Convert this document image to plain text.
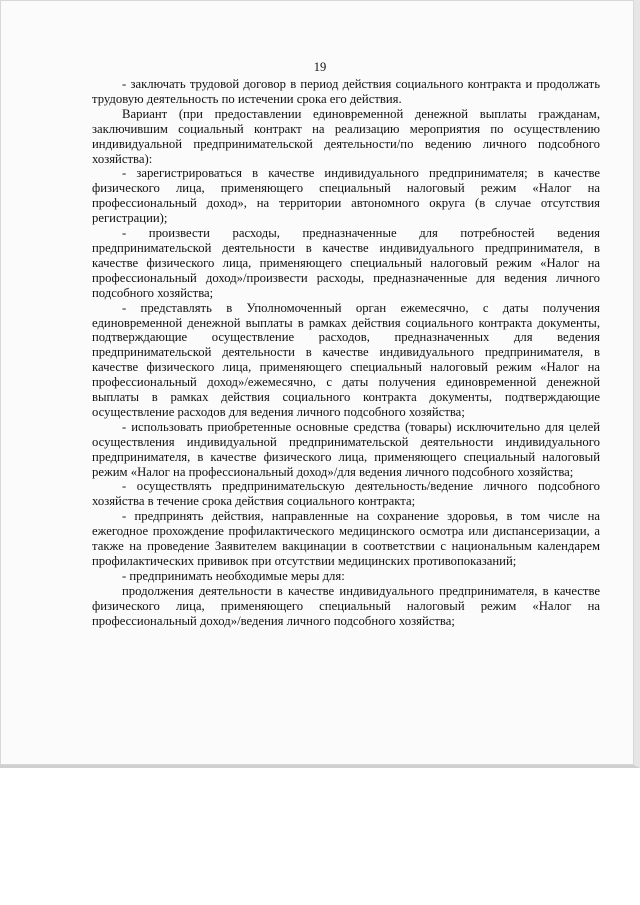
19

- заключать трудовой договор в период действия социального контракта и продолжать трудовую деятельность по истечении срока его действия.

Вариант (при предоставлении единовременной денежной выплаты гражданам, заключившим социальный контракт на реализацию мероприятия по осуществлению индивидуальной предпринимательской деятельности/по ведению личного подсобного хозяйства):

- зарегистрироваться в качестве индивидуального предпринимателя; в качестве физического лица, применяющего специальный налоговый режим «Налог на профессиональный доход», на территории автономного округа (в случае отсутствия регистрации);

- произвести расходы, предназначенные для потребностей ведения предпринимательской деятельности в качестве индивидуального предпринимателя, в качестве физического лица, применяющего специальный налоговый режим «Налог на профессиональный доход»/произвести расходы, предназначенные для ведения личного подсобного хозяйства;

- представлять в Уполномоченный орган ежемесячно, с даты получения единовременной денежной выплаты в рамках действия социального контракта документы, подтверждающие осуществление расходов, предназначенных для ведения предпринимательской деятельности в качестве индивидуального предпринимателя, в качестве физического лица, применяющего специальный налоговый режим «Налог на профессиональный доход»/ежемесячно, с даты получения единовременной денежной выплаты в рамках действия социального контракта документы, подтверждающие осуществление расходов для ведения личного подсобного хозяйства;

- использовать приобретенные основные средства (товары) исключительно для целей осуществления индивидуальной предпринимательской деятельности индивидуального предпринимателя, в качестве физического лица, применяющего специальный налоговый режим «Налог на профессиональный доход»/для ведения личного подсобного хозяйства;

- осуществлять предпринимательскую деятельность/ведение личного подсобного хозяйства в течение срока действия социального контракта;

- предпринять действия, направленные на сохранение здоровья, в том числе на ежегодное прохождение профилактического медицинского осмотра или диспансеризации, а также на проведение Заявителем вакцинации в соответствии с национальным календарем профилактических прививок при отсутствии медицинских противопоказаний;

- предпринимать необходимые меры для:

продолжения деятельности в качестве индивидуального предпринимателя, в качестве физического лица, применяющего специальный налоговый режим «Налог на профессиональный доход»/ведения личного подсобного хозяйства;
